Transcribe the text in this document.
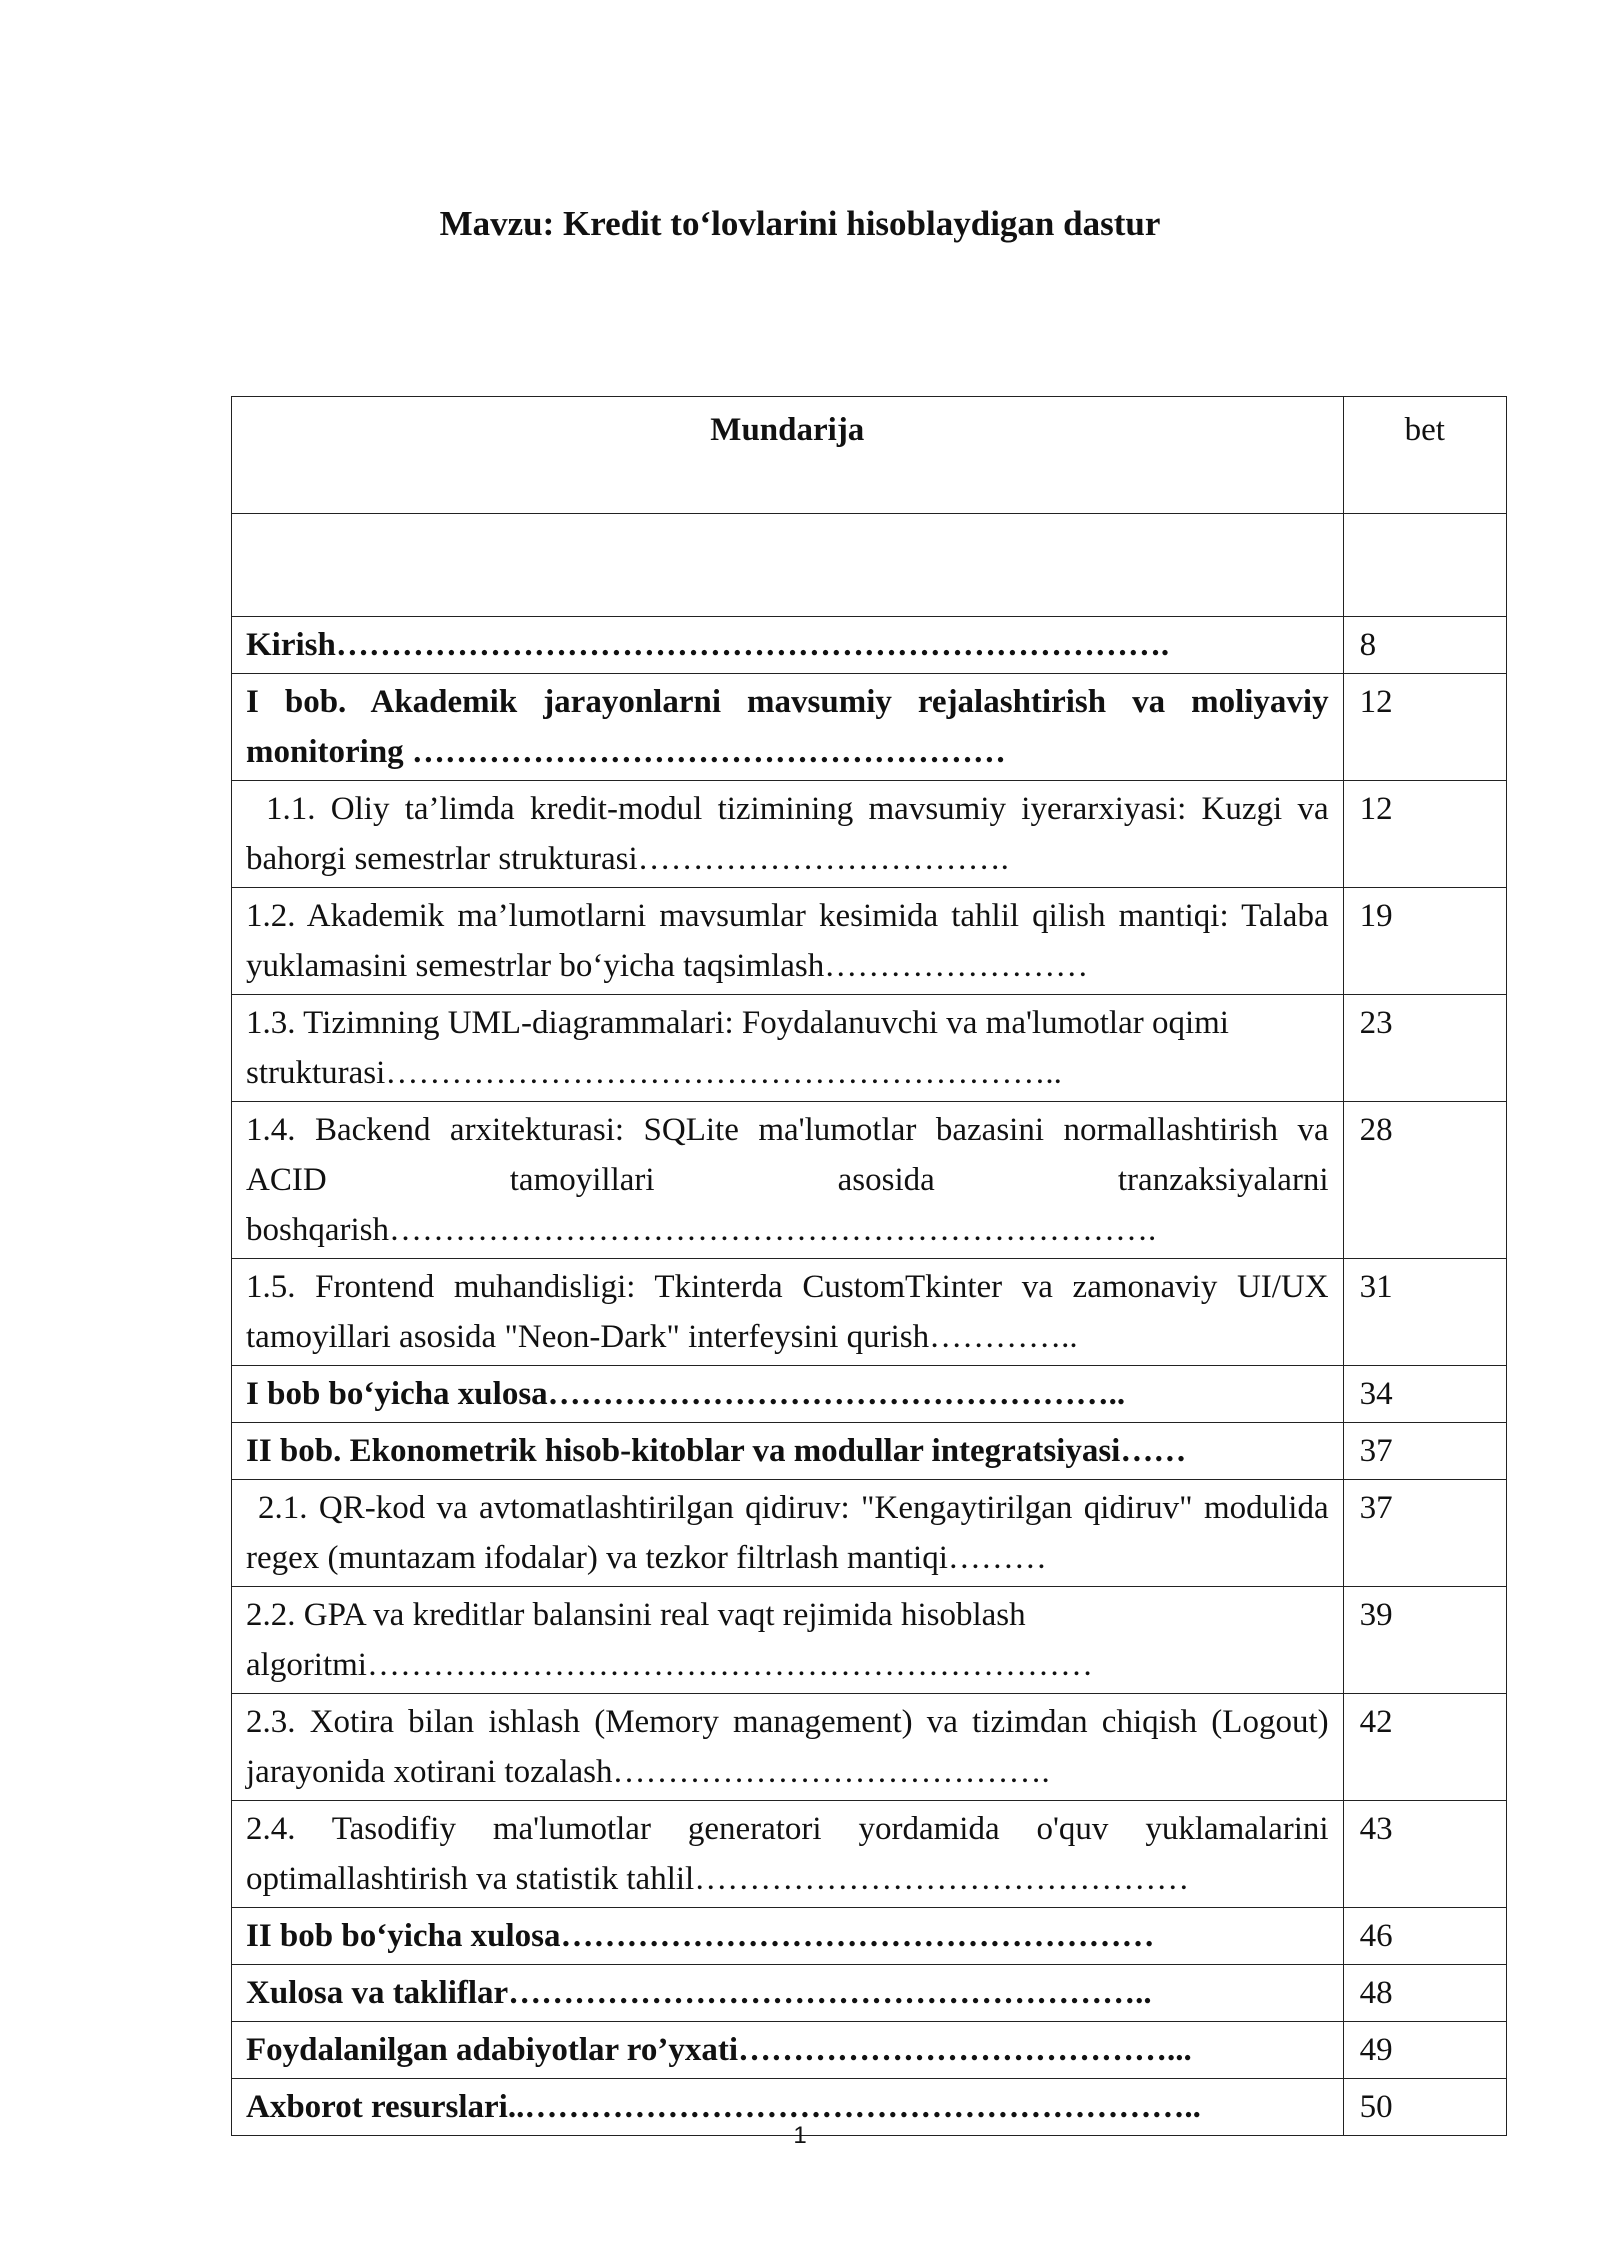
Mavzu: Kredit to‘lovlarini hisoblaydigan dastur
Mundarija	bet

Kirish………………………………………………………………….	8
I bob. Akademik jarayonlarni mavsumiy rejalashtirish va moliyaviy monitoring ………………………………………………	12
1.1. Oliy ta’limda kredit-modul tizimining mavsumiy iyerarxiyasi: Kuzgi va bahorgi semestrlar strukturasi…………………………….	12
1.2. Akademik ma’lumotlarni mavsumlar kesimida tahlil qilish mantiqi: Talaba yuklamasini semestrlar bo‘yicha taqsimlash……………………	19
1.3. Tizimning UML-diagrammalari: Foydalanuvchi va ma'lumotlar oqimi strukturasi……………………………………………………..	23
1.4. Backend arxitekturasi: SQLite ma'lumotlar bazasini normallashtirish va ACID tamoyillari asosida tranzaksiyalarni boshqarish…………………………………………………………….	28
1.5. Frontend muhandisligi: Tkinterda CustomTkinter va zamonaviy UI/UX tamoyillari asosida "Neon-Dark" interfeysini qurish…………..	31
I bob bo‘yicha xulosa……………………………………………..	34
II bob. Ekonometrik hisob-kitoblar va modullar integratsiyasi……	37
2.1. QR-kod va avtomatlashtirilgan qidiruv: "Kengaytirilgan qidiruv" modulida regex (muntazam ifodalar) va tezkor filtrlash mantiqi………	37
2.2. GPA va kreditlar balansini real vaqt rejimida hisoblash algoritmi…………………………………………………………	39
2.3. Xotira bilan ishlash (Memory management) va tizimdan chiqish (Logout) jarayonida xotirani tozalash………………………………….	42
2.4. Tasodifiy ma'lumotlar generatori yordamida o'quv yuklamalarini optimallashtirish va statistik tahlil………………………………………	43
II bob bo‘yicha xulosa………………………………………………	46
Xulosa va takliflar…………………………………………………..	48
Foydalanilgan adabiyotlar ro’yxati…………………………………...	49
Axborot resurslari..……………………………………………………..	50
1
